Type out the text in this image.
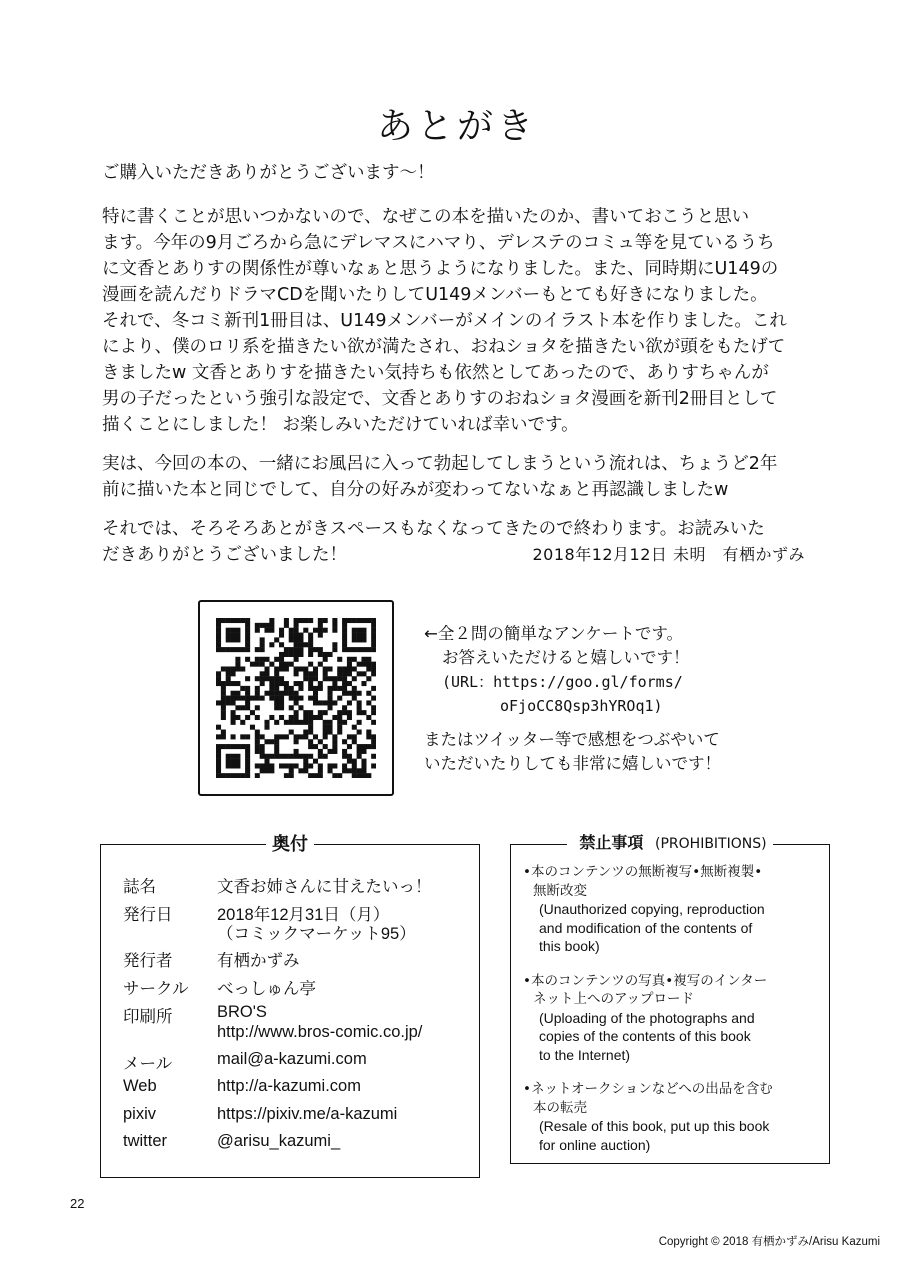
あとがき

ご購入いただきありがとうございます～！

特に書くことが思いつかないので、なぜこの本を描いたのか、書いておこうと思い
ます。今年の9月ごろから急にデレマスにハマり、デレステのコミュ等を見ているうち
に文香とありすの関係性が尊いなぁと思うようになりました。また、同時期にU149の
漫画を読んだりドラマCDを聞いたりしてU149メンバーもとても好きになりました。
それで、冬コミ新刊1冊目は、U149メンバーがメインのイラスト本を作りました。これ
により、僕のロリ系を描きたい欲が満たされ、おねショタを描きたい欲が頭をもたげて
きましたw 文香とありすを描きたい気持ちも依然としてあったので、ありすちゃんが
男の子だったという強引な設定で、文香とありすのおねショタ漫画を新刊2冊目として
描くことにしました！ お楽しみいただけていれば幸いです。

実は、今回の本の、一緒にお風呂に入って勃起してしまうという流れは、ちょうど2年
前に描いた本と同じでして、自分の好みが変わってないなぁと再認識しましたw

それでは、そろそろあとがきスペースもなくなってきたので終わります。お読みいた
だきありがとうございました！	2018年12月12日 未明　有栖かずみ
←全２問の簡単なアンケートです。
お答えいただけると嬉しいです！
(URL：https://goo.gl/forms/
oFjoCC8Qsp3hYROq1)
またはツイッター等で感想をつぶやいて
いただいたりしても非常に嬉しいです！
奥付
誌名	文香お姉さんに甘えたいっ！
発行日	2018年12月31日（月）
（コミックマーケット95）
発行者	有栖かずみ
サークル	べっしゅん亭
印刷所	BRO'S
http://www.bros-comic.co.jp/
メール	mail@a-kazumi.com
Web	http://a-kazumi.com
pixiv	https://pixiv.me/a-kazumi
twitter	@arisu_kazumi_
禁止事項 (PROHIBITIONS)
•本のコンテンツの無断複写•無断複製•
無断改変
(Unauthorized copying, reproduction
and modification of the contents of
this book)
•本のコンテンツの写真•複写のインター
ネット上へのアップロード
(Uploading of the photographs and
copies of the contents of this book
to the Internet)
•ネットオークションなどへの出品を含む
本の転売
(Resale of this book, put up this book
for online auction)
22
Copyright © 2018 有栖かずみ/Arisu Kazumi
